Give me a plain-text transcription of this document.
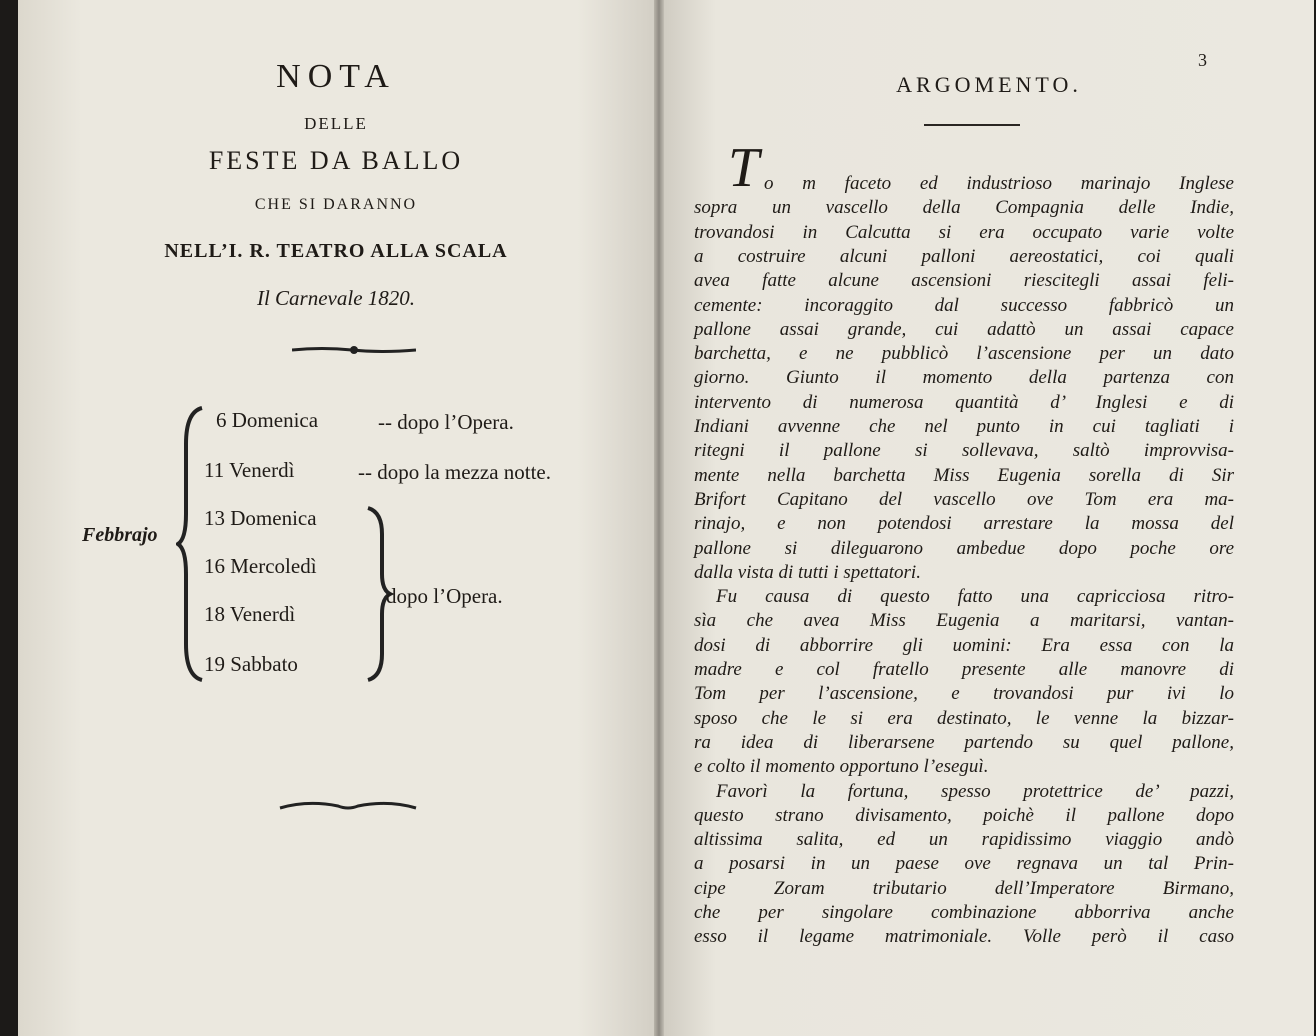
NOTA
DELLE
FESTE DA BALLO
CHE SI DARANNO
NELL’I. R. TEATRO ALLA SCALA
Il Carnevale 1820.
Febbrajo
6 Domenica	-- dopo l’Opera.
11 Venerdì	-- dopo la mezza notte.
13 Domenica
16 Mercoledì
18 Venerdì
19 Sabbato
dopo l’Opera.
3
ARGOMENTO.
T o m faceto ed industrioso marinajo Inglese
sopra un vascello della Compagnia delle Indie,
trovandosi in Calcutta si era occupato varie volte
a costruire alcuni palloni aereostatici, coi quali
avea fatte alcune ascensioni riescitegli assai feli-
cemente: incoraggito dal successo fabbricò un
pallone assai grande, cui adattò un assai capace
barchetta, e ne pubblicò l’ascensione per un dato
giorno. Giunto il momento della partenza con
intervento di numerosa quantità d’ Inglesi e di
Indiani avvenne che nel punto in cui tagliati i
ritegni il pallone si sollevava, saltò improvvisa-
mente nella barchetta Miss Eugenia sorella di Sir
Brifort Capitano del vascello ove Tom era ma-
rinajo, e non potendosi arrestare la mossa del
pallone si dileguarono ambedue dopo poche ore
dalla vista di tutti i spettatori.
Fu causa di questo fatto una capricciosa ritro-
sìa che avea Miss Eugenia a maritarsi, vantan-
dosi di abborrire gli uomini: Era essa con la
madre e col fratello presente alle manovre di
Tom per l’ascensione, e trovandosi pur ivi lo
sposo che le si era destinato, le venne la bizzar-
ra idea di liberarsene partendo su quel pallone,
e colto il momento opportuno l’eseguì.
Favorì la fortuna, spesso protettrice de’ pazzi,
questo strano divisamento, poichè il pallone dopo
altissima salita, ed un rapidissimo viaggio andò
a posarsi in un paese ove regnava un tal Prin-
cipe Zoram tributario dell’Imperatore Birmano,
che per singolare combinazione abborriva anche
esso il legame matrimoniale. Volle però il caso
